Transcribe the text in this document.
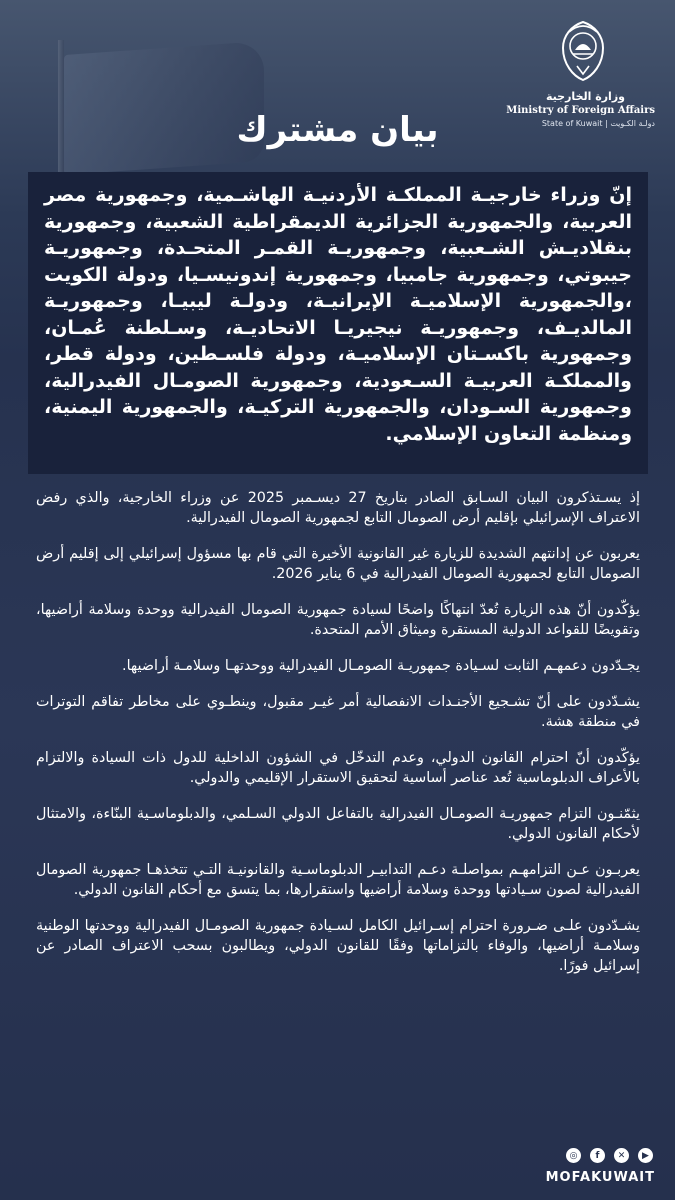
وزارة الخارجية
Ministry of Foreign Affairs
State of Kuwait | دولـة الكـويت
بيان مشترك

إنّ وزراء خارجيـة المملكـة الأردنيـة الهاشـمية، وجمهورية مصر العربية، والجمهورية الجزائرية الديمقراطية الشعبية، وجمهورية بنقلاديـش الشـعبية، وجمهوريـة القمـر المتحـدة، وجمهوريـة جيبوتي، وجمهورية جامبيا، وجمهورية إندونيسـيا، ودولة الكويت ،والجمهورية الإسلاميـة الإيرانيـة، ودولـة ليبيـا، وجمهوريـة المالديـف، وجمهوريـة نيجيريـا الاتحاديـة، وسـلطنة عُمـان، وجمهورية باكسـتان الإسلاميـة، ودولة فلسـطين، ودولة قطر، والمملكـة العربيـة السـعودية، وجمهورية الصومـال الفيدرالية، وجمهورية السـودان، والجمهورية التركيـة، والجمهورية اليمنية، ومنظمة التعاون الإسلامي.

إذ يسـتذكرون البيان السـابق الصادر بتاريخ 27 ديسـمبر 2025 عن وزراء الخارجية، والذي رفض الاعتراف الإسرائيلي بإقليم أرض الصومال التابع لجمهورية الصومال الفيدرالية.

يعربون عن إدانتهم الشديدة للزيارة غير القانونية الأخيرة التي قام بها مسؤول إسرائيلي إلى إقليم أرض الصومال التابع لجمهورية الصومال الفيدرالية في 6 يناير 2026.

يؤكّدون أنّ هذه الزيارة تُعدّ انتهاكًا واضحًا لسيادة جمهورية الصومال الفيدرالية ووحدة وسلامة أراضيها، وتقويضًا للقواعد الدولية المستقرة وميثاق الأمم المتحدة.

يجـدّدون دعمهـم الثابت لسـيادة جمهوريـة الصومـال الفيدرالية ووحدتهـا وسلامـة أراضيها.

يشـدّدون على أنّ تشـجيع الأجنـدات الانفصالية أمر غيـر مقبول، وينطـوي على مخاطر تفاقم التوترات في منطقة هشة.

يؤكّدون أنّ احترام القانون الدولي، وعدم التدخّل في الشؤون الداخلية للدول ذات السيادة والالتزام بالأعراف الدبلوماسية تُعد عناصر أساسية لتحقيق الاستقرار الإقليمي والدولي.

يثمّنـون التزام جمهوريـة الصومـال الفيدرالية بالتفاعل الدولي السـلمي، والدبلوماسـية البنّاءة، والامتثال لأحكام القانون الدولي.

يعربـون عـن التزامهـم بمواصلـة دعـم التدابيـر الدبلوماسـية والقانونيـة التـي تتخذهـا جمهورية الصومال الفيدرالية لصون سـيادتها ووحدة وسلامة أراضيها واستقرارها، بما يتسق مع أحكام القانون الدولي.

يشـدّدون علـى ضـرورة احترام إسـرائيل الكامل لسـيادة جمهورية الصومـال الفيدرالية ووحدتها الوطنية وسلامـة أراضيها، والوفاء بالتزاماتها وفقًا للقانون الدولي، ويطالبون بسحب الاعتراف الصادر عن إسرائيل فورًا.

◎	f	✕	▶
MOFAKUWAIT
